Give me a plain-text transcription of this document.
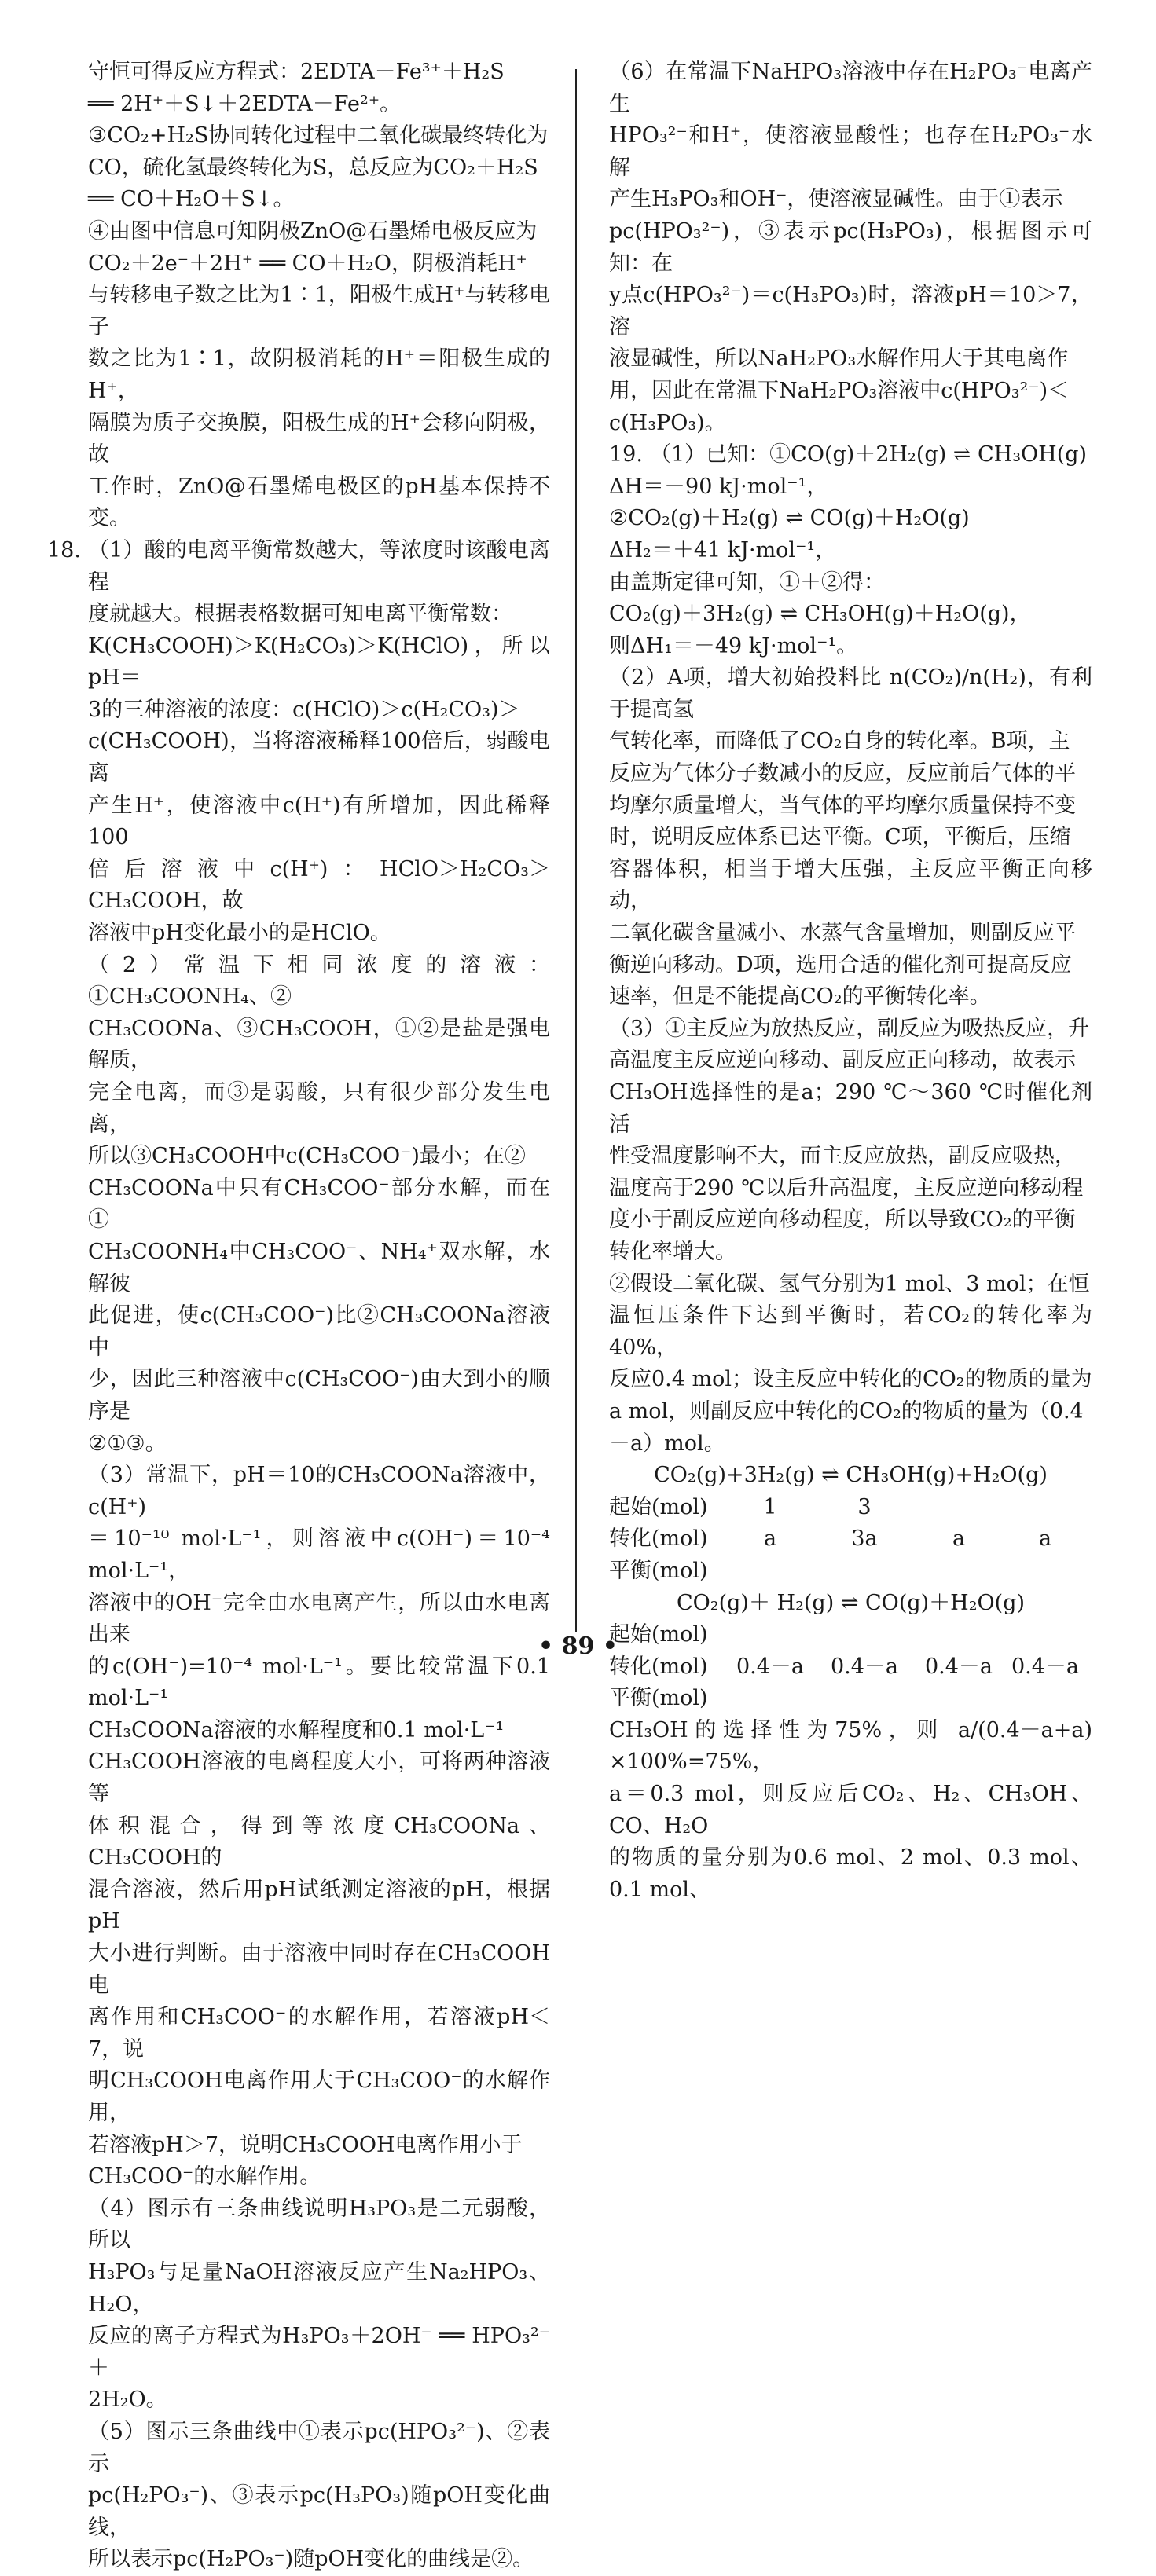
守恒可得反应方程式：2EDTA－Fe³⁺＋H₂S
══ 2H⁺＋S↓＋2EDTA－Fe²⁺。
③CO₂+H₂S协同转化过程中二氧化碳最终转化为
CO，硫化氢最终转化为S，总反应为CO₂＋H₂S
══ CO＋H₂O＋S↓。
④由图中信息可知阴极ZnO@石墨烯电极反应为
CO₂＋2e⁻＋2H⁺ ══ CO＋H₂O，阴极消耗H⁺
与转移电子数之比为1∶1，阳极生成H⁺与转移电子
数之比为1∶1，故阴极消耗的H⁺＝阳极生成的H⁺，
隔膜为质子交换膜，阳极生成的H⁺会移向阴极，故
工作时，ZnO@石墨烯电极区的pH基本保持不变。
18. （1）酸的电离平衡常数越大，等浓度时该酸电离程
度就越大。根据表格数据可知电离平衡常数：
K(CH₃COOH)＞K(H₂CO₃)＞K(HClO)，所以pH＝
3的三种溶液的浓度：c(HClO)＞c(H₂CO₃)＞
c(CH₃COOH)，当将溶液稀释100倍后，弱酸电离
产生H⁺，使溶液中c(H⁺)有所增加，因此稀释100
倍后溶液中c(H⁺)：HClO＞H₂CO₃＞CH₃COOH，故
溶液中pH变化最小的是HClO。
（2）常温下相同浓度的溶液：①CH₃COONH₄、②
CH₃COONa、③CH₃COOH，①②是盐是强电解质，
完全电离，而③是弱酸，只有很少部分发生电离，
所以③CH₃COOH中c(CH₃COO⁻)最小；在②
CH₃COONa中只有CH₃COO⁻部分水解，而在①
CH₃COONH₄中CH₃COO⁻、NH₄⁺双水解，水解彼
此促进，使c(CH₃COO⁻)比②CH₃COONa溶液中
少，因此三种溶液中c(CH₃COO⁻)由大到小的顺序是
②①③。
（3）常温下，pH＝10的CH₃COONa溶液中，c(H⁺)
＝10⁻¹⁰ mol·L⁻¹，则溶液中c(OH⁻)＝10⁻⁴ mol·L⁻¹，
溶液中的OH⁻完全由水电离产生，所以由水电离出来
的c(OH⁻)=10⁻⁴ mol·L⁻¹。要比较常温下0.1 mol·L⁻¹
CH₃COONa溶液的水解程度和0.1 mol·L⁻¹
CH₃COOH溶液的电离程度大小，可将两种溶液等
体积混合，得到等浓度CH₃COONa、CH₃COOH的
混合溶液，然后用pH试纸测定溶液的pH，根据pH
大小进行判断。由于溶液中同时存在CH₃COOH电
离作用和CH₃COO⁻的水解作用，若溶液pH＜7，说
明CH₃COOH电离作用大于CH₃COO⁻的水解作用，
若溶液pH＞7，说明CH₃COOH电离作用小于
CH₃COO⁻的水解作用。
（4）图示有三条曲线说明H₃PO₃是二元弱酸，所以
H₃PO₃与足量NaOH溶液反应产生Na₂HPO₃、H₂O，
反应的离子方程式为H₃PO₃＋2OH⁻ ══ HPO₃²⁻＋
2H₂O。
（5）图示三条曲线中①表示pc(HPO₃²⁻)、②表示
pc(H₂PO₃⁻)、③表示pc(H₃PO₃)随pOH变化曲线，
所以表示pc(H₂PO₃⁻)随pOH变化的曲线是②。
（6）在常温下NaHPO₃溶液中存在H₂PO₃⁻电离产生
HPO₃²⁻和H⁺，使溶液显酸性；也存在H₂PO₃⁻水解
产生H₃PO₃和OH⁻，使溶液显碱性。由于①表示
pc(HPO₃²⁻)，③表示pc(H₃PO₃)，根据图示可知：在
y点c(HPO₃²⁻)＝c(H₃PO₃)时，溶液pH＝10＞7，溶
液显碱性，所以NaH₂PO₃水解作用大于其电离作
用，因此在常温下NaH₂PO₃溶液中c(HPO₃²⁻)＜
c(H₃PO₃)。
19. （1）已知：①CO(g)＋2H₂(g) ⇌ CH₃OH(g)
ΔH＝－90 kJ·mol⁻¹，
②CO₂(g)＋H₂(g) ⇌ CO(g)＋H₂O(g)
ΔH₂＝＋41 kJ·mol⁻¹，
由盖斯定律可知，①＋②得：
CO₂(g)＋3H₂(g) ⇌ CH₃OH(g)＋H₂O(g)，
则ΔH₁＝－49 kJ·mol⁻¹。
（2）A项，增大初始投料比 n(CO₂)/n(H₂)，有利于提高氢
气转化率，而降低了CO₂自身的转化率。B项，主
反应为气体分子数减小的反应，反应前后气体的平
均摩尔质量增大，当气体的平均摩尔质量保持不变
时，说明反应体系已达平衡。C项，平衡后，压缩
容器体积，相当于增大压强，主反应平衡正向移动，
二氧化碳含量减小、水蒸气含量增加，则副反应平
衡逆向移动。D项，选用合适的催化剂可提高反应
速率，但是不能提高CO₂的平衡转化率。
（3）①主反应为放热反应，副反应为吸热反应，升
高温度主反应逆向移动、副反应正向移动，故表示
CH₃OH选择性的是a；290 ℃～360 ℃时催化剂活
性受温度影响不大，而主反应放热，副反应吸热，
温度高于290 ℃以后升高温度，主反应逆向移动程
度小于副反应逆向移动程度，所以导致CO₂的平衡
转化率增大。
②假设二氧化碳、氢气分别为1 mol、3 mol；在恒
温恒压条件下达到平衡时，若CO₂的转化率为40%，
反应0.4 mol；设主反应中转化的CO₂的物质的量为
a mol，则副反应中转化的CO₂的物质的量为（0.4
－a）mol。
CO₂(g)+3H₂(g) ⇌ CH₃OH(g)+H₂O(g)
起始(mol)	1	3
转化(mol)	a	3a	a	a
平衡(mol)
CO₂(g)＋ H₂(g) ⇌ CO(g)＋H₂O(g)
起始(mol)
转化(mol)	0.4－a	0.4－a	0.4－a 0.4－a
平衡(mol)
CH₃OH的选择性为75%，则 a/(0.4－a+a) ×100%=75%，
a＝0.3 mol，则反应后CO₂、H₂、CH₃OH、CO、H₂O
的物质的量分别为0.6 mol、2 mol、0.3 mol、0.1 mol、
• 89 •
